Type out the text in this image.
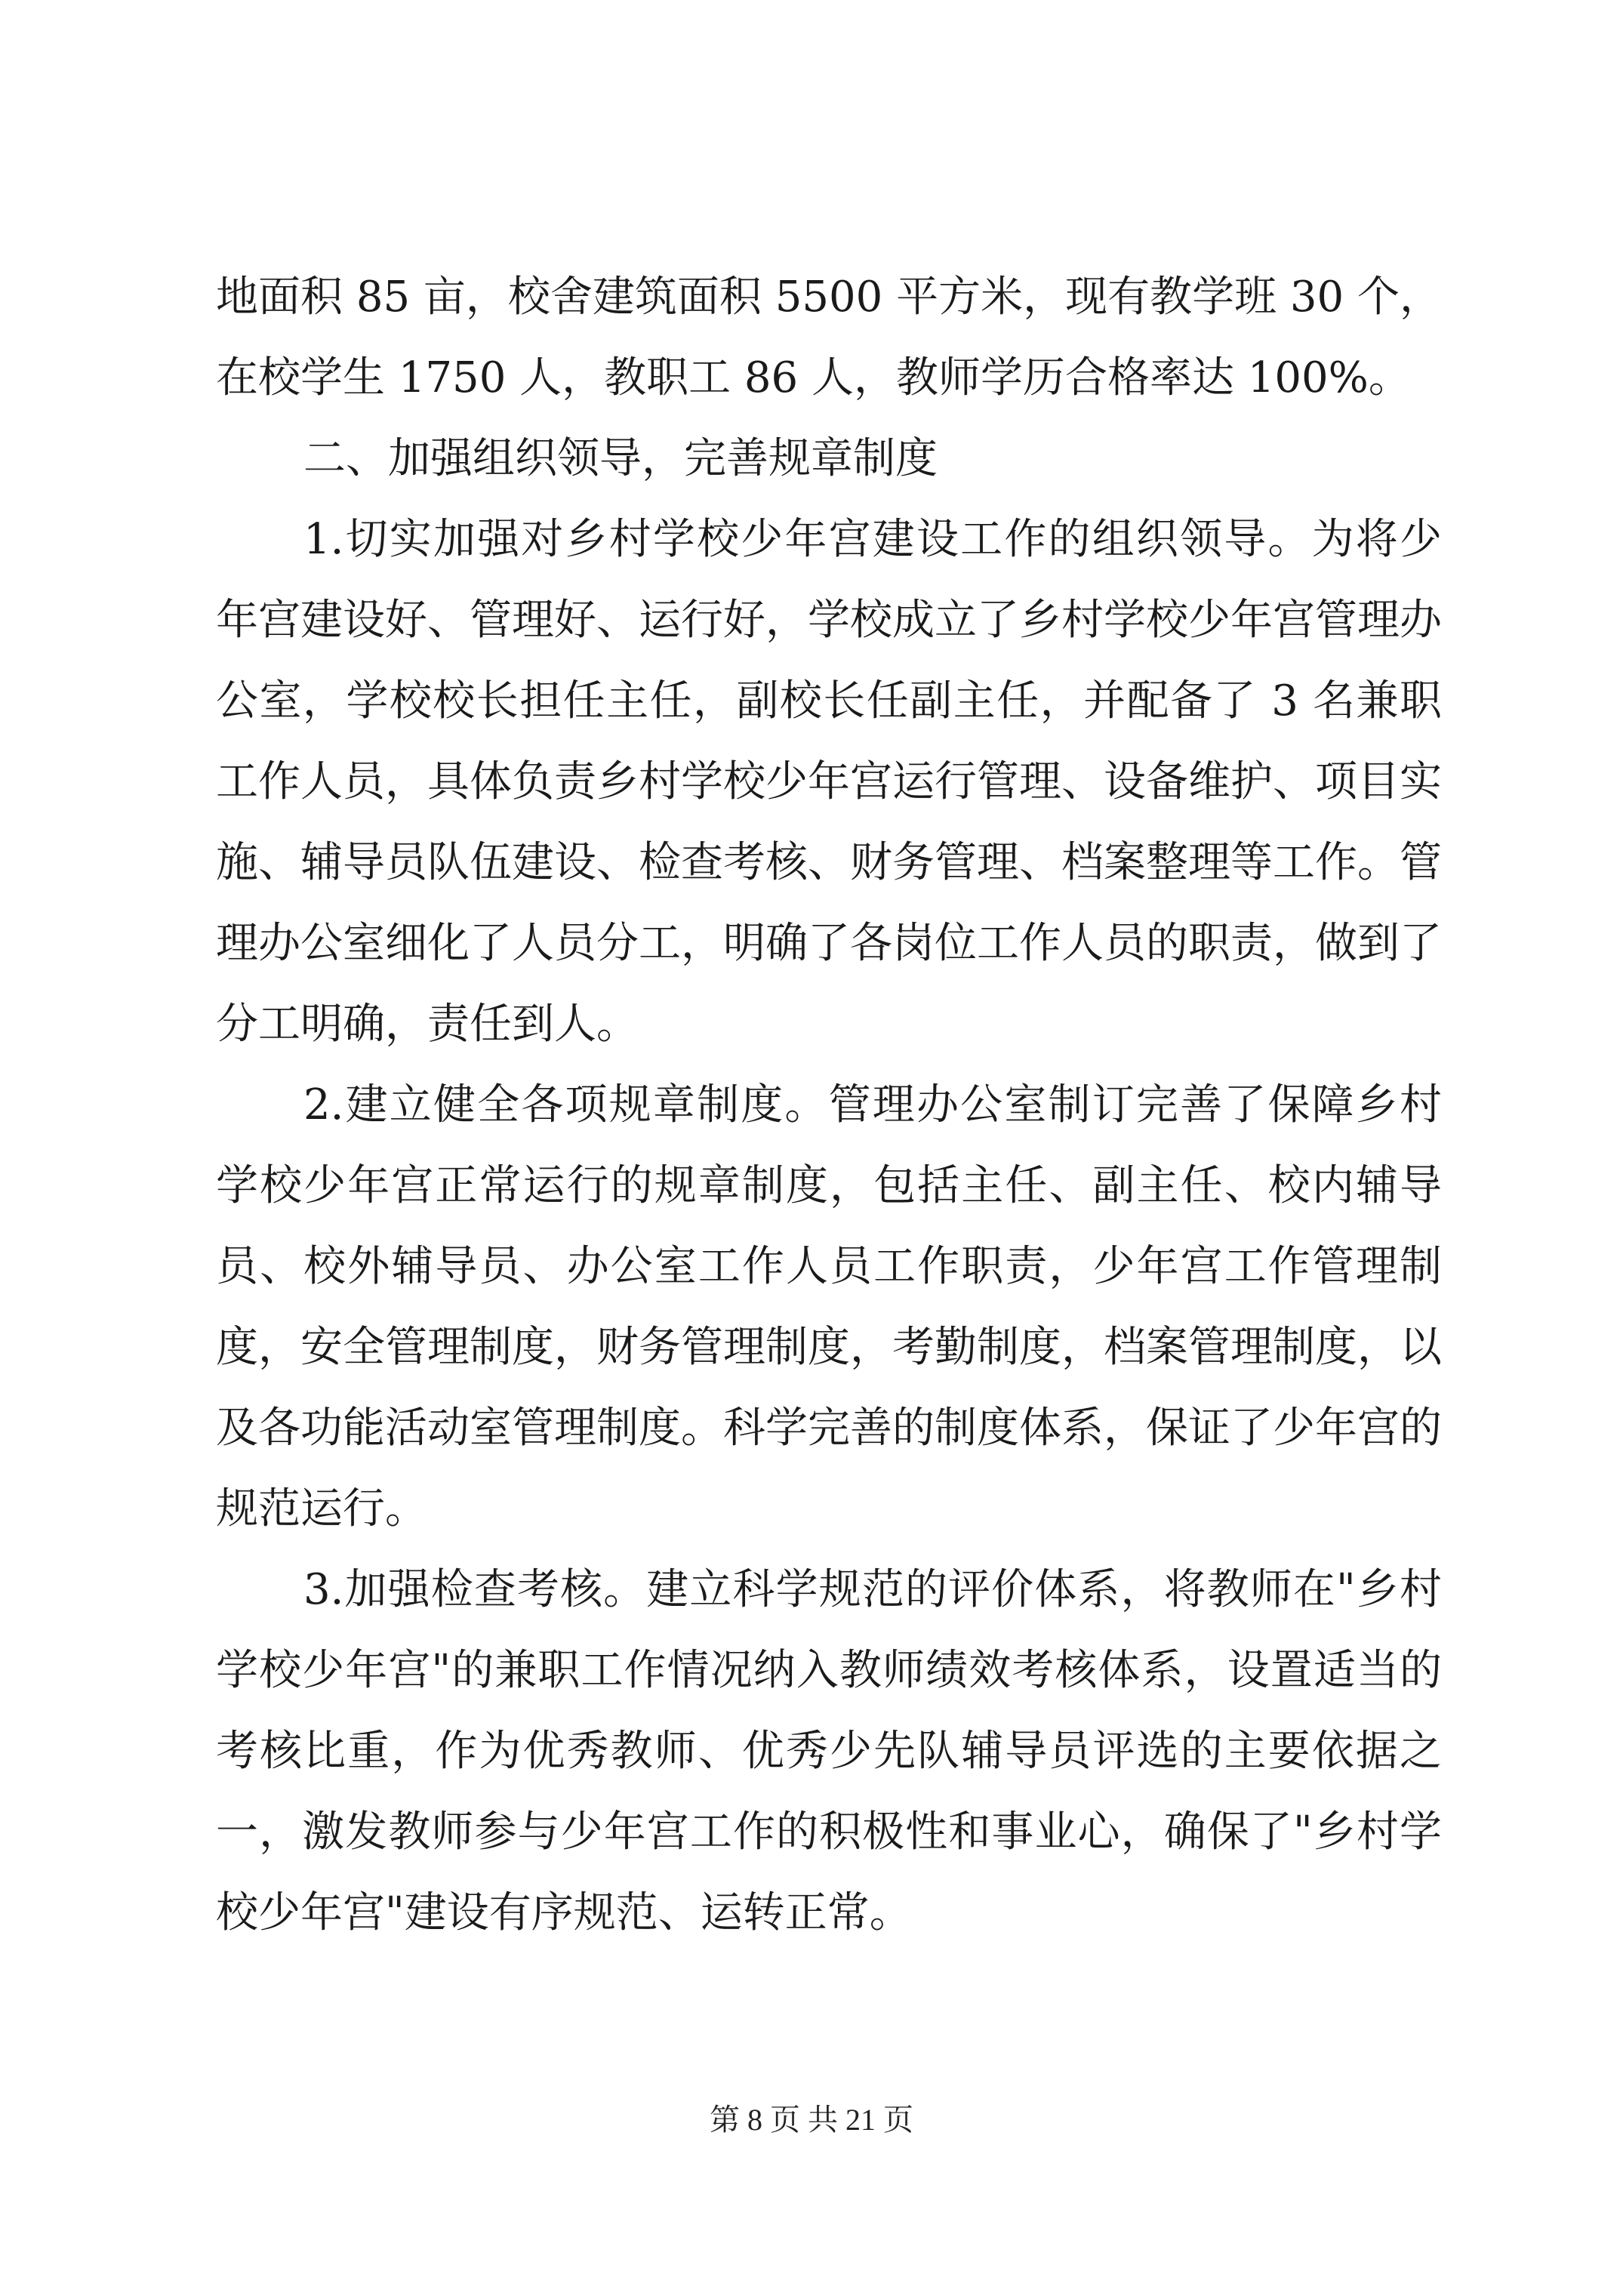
地面积 85 亩，校舍建筑面积 5500 平方米，现有教学班 30 个，在校学生 1750 人，教职工 86 人，教师学历合格率达 100%。

二、加强组织领导，完善规章制度

1.切实加强对乡村学校少年宫建设工作的组织领导。为将少年宫建设好、管理好、运行好，学校成立了乡村学校少年宫管理办公室，学校校长担任主任，副校长任副主任，并配备了 3 名兼职工作人员，具体负责乡村学校少年宫运行管理、设备维护、项目实施、辅导员队伍建设、检查考核、财务管理、档案整理等工作。管理办公室细化了人员分工，明确了各岗位工作人员的职责，做到了分工明确，责任到人。

2.建立健全各项规章制度。管理办公室制订完善了保障乡村学校少年宫正常运行的规章制度，包括主任、副主任、校内辅导员、校外辅导员、办公室工作人员工作职责，少年宫工作管理制度，安全管理制度，财务管理制度，考勤制度，档案管理制度，以及各功能活动室管理制度。科学完善的制度体系，保证了少年宫的规范运行。

3.加强检查考核。建立科学规范的评价体系，将教师在"乡村学校少年宫"的兼职工作情况纳入教师绩效考核体系，设置适当的考核比重，作为优秀教师、优秀少先队辅导员评选的主要依据之一，激发教师参与少年宫工作的积极性和事业心，确保了"乡村学校少年宫"建设有序规范、运转正常。

第 8 页 共 21 页
